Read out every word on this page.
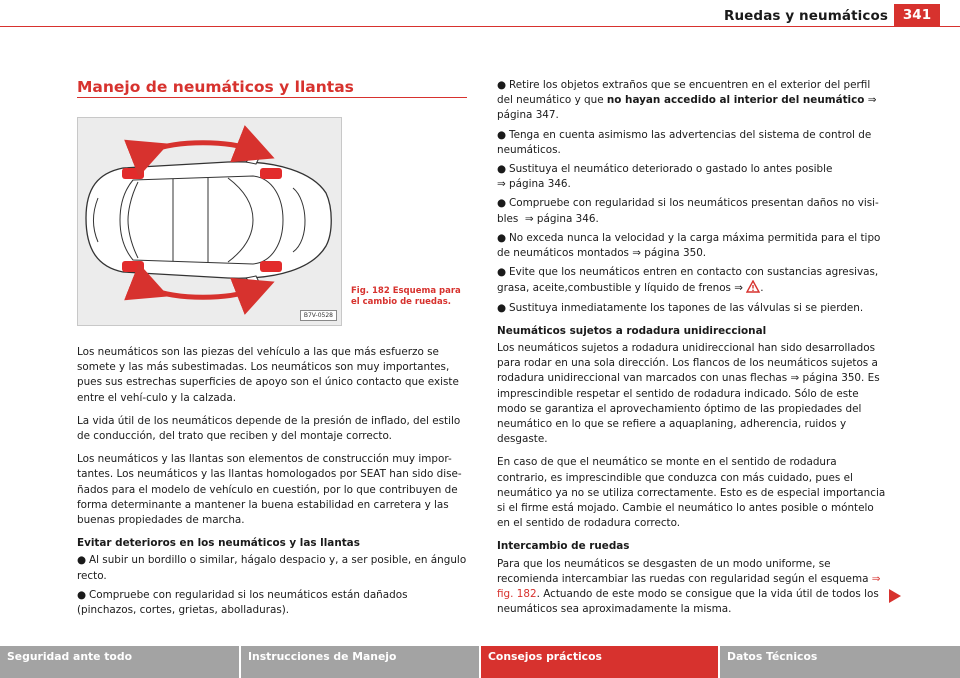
Ruedas y neumáticos	341
Manejo de neumáticos y llantas
B7V-0528
Fig. 182 Esquema para el cambio de ruedas.

Los neumáticos son las piezas del vehículo a las que más esfuerzo se somete y las más subestimadas. Los neumáticos son muy importantes, pues sus estrechas superficies de apoyo son el único contacto que existe entre el vehí-culo y la calzada.

La vida útil de los neumáticos depende de la presión de inflado, del estilo de conducción, del trato que reciben y del montaje correcto.

Los neumáticos y las llantas son elementos de construcción muy impor-tantes. Los neumáticos y las llantas homologados por SEAT han sido dise-ñados para el modelo de vehículo en cuestión, por lo que contribuyen de forma determinante a mantener la buena estabilidad en carretera y las buenas propiedades de marcha.

Evitar deterioros en los neumáticos y las llantas
● Al subir un bordillo o similar, hágalo despacio y, a ser posible, en ángulo recto.
● Compruebe con regularidad si los neumáticos están dañados (pinchazos, cortes, grietas, abolladuras).
● Retire los objetos extraños que se encuentren en el exterior del perfil del neumático y que no hayan accedido al interior del neumático ⇒ página 347.
● Tenga en cuenta asimismo las advertencias del sistema de control de neumáticos.
● Sustituya el neumático deteriorado o gastado lo antes posible
⇒ página 346.
● Compruebe con regularidad si los neumáticos presentan daños no visi-bles ⇒ página 346.
● No exceda nunca la velocidad y la carga máxima permitida para el tipo de neumáticos montados ⇒ página 350.
● Evite que los neumáticos entren en contacto con sustancias agresivas, grasa, aceite,combustible y líquido de frenos ⇒ .
● Sustituya inmediatamente los tapones de las válvulas si se pierden.
Neumáticos sujetos a rodadura unidireccional

Los neumáticos sujetos a rodadura unidireccional han sido desarrollados para rodar en una sola dirección. Los flancos de los neumáticos sujetos a rodadura unidireccional van marcados con unas flechas ⇒ página 350. Es imprescindible respetar el sentido de rodadura indicado. Sólo de este modo se garantiza el aprovechamiento óptimo de las propiedades del neumático en lo que se refiere a aquaplaning, adherencia, ruidos y desgaste.

En caso de que el neumático se monte en el sentido de rodadura contrario, es imprescindible que conduzca con más cuidado, pues el neumático ya no se utiliza correctamente. Esto es de especial importancia si el firme está mojado. Cambie el neumático lo antes posible o móntelo en el sentido de rodadura correcto.

Intercambio de ruedas

Para que los neumáticos se desgasten de un modo uniforme, se recomienda intercambiar las ruedas con regularidad según el esquema ⇒ fig. 182. Actuando de este modo se consigue que la vida útil de todos los neumáticos sea aproximadamente la misma.

Seguridad ante todo	Instrucciones de Manejo	Consejos prácticos	Datos Técnicos
